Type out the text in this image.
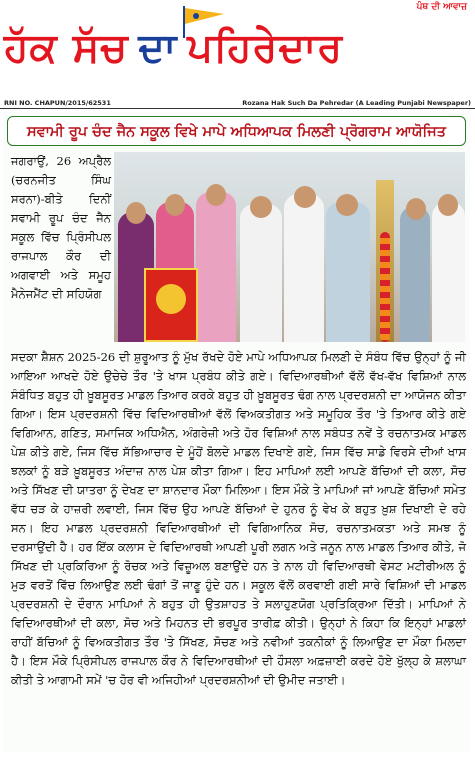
ਪੰਥ ਦੀ ਆਵਾਜ਼
ਹੱਕ ਸੱਚ ਦਾ ਪਹਿਰੇਦਾਰ
RNI NO. CHAPUN/2015/62531	Rozana Hak Such Da Pehredar (A Leading Punjabi Newspaper)
ਸਵਾਮੀ ਰੂਪ ਚੰਦ ਜੈਨ ਸਕੂਲ ਵਿਖੇ ਮਾਪੇ ਅਧਿਆਪਕ ਮਿਲਣੀ ਪ੍ਰੋਗਰਾਮ ਆਯੋਜਿਤ
ਜਗਰਾਉਂ, 26 ਅਪ੍ਰੈਲ (ਚਰਨਜੀਤ ਸਿੰਘ ਸਰਨਾ)-ਬੀਤੇ ਦਿਨੀਂ ਸਵਾਮੀ ਰੂਪ ਚੰਦ ਜੈਨ ਸਕੂਲ ਵਿੱਚ ਪ੍ਰਿੰਸੀਪਲ ਰਾਜਪਾਲ ਕੌਰ ਦੀ ਅਗਵਾਈ ਅਤੇ ਸਮੂਹ ਮੈਨੇਜਮੈਂਟ ਦੀ ਸਹਿਯੋਗ

ਸਦਕਾ ਸ਼ੈਸ਼ਨ 2025-26 ਦੀ ਸ਼ੁਰੂਆਤ ਨੂੰ ਮੁੱਖ ਰੱਖਦੇ ਹੋਏ ਮਾਪੇ ਅਧਿਆਪਕ ਮਿਲਣੀ ਦੇ ਸੰਬੰਧ ਵਿੱਚ ਉਨ੍ਹਾਂ ਨੂੰ ਜੀ ਆਇਆ ਆਖਦੇ ਹੋਏ ਉਚੇਚੇ ਤੌਰ 'ਤੇ ਖਾਸ ਪ੍ਰਬੰਧ ਕੀਤੇ ਗਏ। ਵਿਦਿਆਰਥੀਆਂ ਵੱਲੋਂ ਵੱਖ-ਵੱਖ ਵਿਸ਼ਿਆਂ ਨਾਲ ਸੰਬੰਧਿਤ ਬਹੁਤ ਹੀ ਖ਼ੂਬਸੂਰਤ ਮਾਡਲ ਤਿਆਰ ਕਰਕੇ ਬਹੁਤ ਹੀ ਖ਼ੂਬਸੂਰਤ ਢੰਗ ਨਾਲ ਪ੍ਰਦਰਸ਼ਨੀ ਦਾ ਆਯੋਜਨ ਕੀਤਾ ਗਿਆ। ਇਸ ਪ੍ਰਦਰਸ਼ਨੀ ਵਿੱਚ ਵਿਦਿਆਰਥੀਆਂ ਵੱਲੋਂ ਵਿਅਕਤੀਗਤ ਅਤੇ ਸਮੂਹਿਕ ਤੌਰ 'ਤੇ ਤਿਆਰ ਕੀਤੇ ਗਏ ਵਿਗਿਆਨ, ਗਣਿਤ, ਸਮਾਜਿਕ ਅਧਿਐਨ, ਅੰਗਰੇਜ਼ੀ ਅਤੇ ਹੋਰ ਵਿਸ਼ਿਆਂ ਨਾਲ ਸਬੰਧਤ ਨਵੇਂ ਤੇ ਰਚਨਾਤਮਕ ਮਾਡਲ ਪੇਸ਼ ਕੀਤੇ ਗਏ, ਜਿਸ ਵਿੱਚ ਸੱਭਿਆਚਾਰ ਦੇ ਮੂੰਹੋਂ ਬੋਲਦੇ ਮਾਡਲ ਦਿਖਾਏ ਗਏ, ਜਿਸ ਵਿੱਚ ਸਾਡੇ ਵਿਰਸੇ ਦੀਆਂ ਖਾਸ ਝਲਕਾਂ ਨੂੰ ਬੜੇ ਖ਼ੂਬਸੂਰਤ ਅੰਦਾਜ਼ ਨਾਲ ਪੇਸ਼ ਕੀਤਾ ਗਿਆ। ਇਹ ਮਾਪਿਆਂ ਲਈ ਆਪਣੇ ਬੱਚਿਆਂ ਦੀ ਕਲਾ, ਸੋਚ ਅਤੇ ਸਿੱਖਣ ਦੀ ਯਾਤਰਾ ਨੂੰ ਦੇਖਣ ਦਾ ਸ਼ਾਨਦਾਰ ਮੌਕਾ ਮਿਲਿਆ। ਇਸ ਮੌਕੇ ਤੇ ਮਾਪਿਆਂ ਜਾਂ ਆਪਣੇ ਬੱਚਿਆਂ ਸਮੇਤ ਵੱਧ ਚੜ ਕੇ ਹਾਜ਼ਰੀ ਲਵਾਈ, ਜਿਸ ਵਿੱਚ ਉਹ ਆਪਣੇ ਬੱਚਿਆਂ ਦੇ ਹੁਨਰ ਨੂੰ ਵੇਖ ਕੇ ਬਹੁਤ ਖ਼ੁਸ਼ ਦਿਖਾਈ ਦੇ ਰਹੇ ਸਨ। ਇਹ ਮਾਡਲ ਪ੍ਰਦਰਸ਼ਨੀ ਵਿਦਿਆਰਥੀਆਂ ਦੀ ਵਿਗਿਆਨਿਕ ਸੋਚ, ਰਚਨਾਤਮਕਤਾ ਅਤੇ ਸਮਝ ਨੂੰ ਦਰਸਾਉਂਦੀ ਹੈ। ਹਰ ਇੱਕ ਕਲਾਸ ਦੇ ਵਿਦਿਆਰਥੀ ਆਪਣੀ ਪੂਰੀ ਲਗਨ ਅਤੇ ਜਨੂਨ ਨਾਲ ਮਾਡਲ ਤਿਆਰ ਕੀਤੇ, ਜੋ ਸਿੱਖਣ ਦੀ ਪ੍ਰਕਿਰਿਆ ਨੂੰ ਰੋਚਕ ਅਤੇ ਵਿਜ਼ੂਅਲ ਬਣਾਉਂਦੇ ਹਨ ਤੇ ਨਾਲ ਹੀ ਵਿਦਿਆਰਥੀ ਵੇਸਟ ਮਟੀਰੀਅਲ ਨੂੰ ਮੁੜ ਵਰਤੋਂ ਵਿੱਚ ਲਿਆਉਣ ਲਈ ਢੰਗਾਂ ਤੋਂ ਜਾਣੂ ਹੁੰਦੇ ਹਨ। ਸਕੂਲ ਵੱਲੋਂ ਕਰਵਾਈ ਗਈ ਸਾਰੇ ਵਿਸ਼ਿਆਂ ਦੀ ਮਾਡਲ ਪ੍ਰਦਰਸ਼ਨੀ ਦੇ ਦੌਰਾਨ ਮਾਪਿਆਂ ਨੇ ਬਹੁਤ ਹੀ ਉਤਸ਼ਾਹਤ ਤੇ ਸਲਾਹੁਣਯੋਗ ਪ੍ਰਤਿਕ੍ਰਿਆ ਦਿੱਤੀ। ਮਾਪਿਆਂ ਨੇ ਵਿਦਿਆਰਥੀਆਂ ਦੀ ਕਲਾ, ਸੋਚ ਅਤੇ ਮਿਹਨਤ ਦੀ ਭਰਪੂਰ ਤਾਰੀਫ਼ ਕੀਤੀ। ਉਨ੍ਹਾਂ ਨੇ ਕਿਹਾ ਕਿ ਇਨ੍ਹਾਂ ਮਾਡਲਾਂ ਰਾਹੀਂ ਬੱਚਿਆਂ ਨੂੰ ਵਿਅਕਤੀਗਤ ਤੌਰ 'ਤੇ ਸਿੱਖਣ, ਸੋਚਣ ਅਤੇ ਨਵੀਆਂ ਤਕਨੀਕਾਂ ਨੂੰ ਲਿਆਉਣ ਦਾ ਮੌਕਾ ਮਿਲਦਾ ਹੈ। ਇਸ ਮੌਕੇ ਪ੍ਰਿੰਸੀਪਲ ਰਾਜਪਾਲ ਕੌਰ ਨੇ ਵਿਦਿਆਰਥੀਆਂ ਦੀ ਹੌਸਲਾ ਅਫ਼ਜ਼ਾਈ ਕਰਦੇ ਹੋਏ ਖੁੱਲ੍ਹ ਕੇ ਸ਼ਲਾਘਾ ਕੀਤੀ ਤੇ ਆਗਾਮੀ ਸਮੇਂ 'ਚ ਹੋਰ ਵੀ ਅਜਿਹੀਆਂ ਪ੍ਰਦਰਸ਼ਨੀਆਂ ਦੀ ਉਮੀਦ ਜਤਾਈ।
